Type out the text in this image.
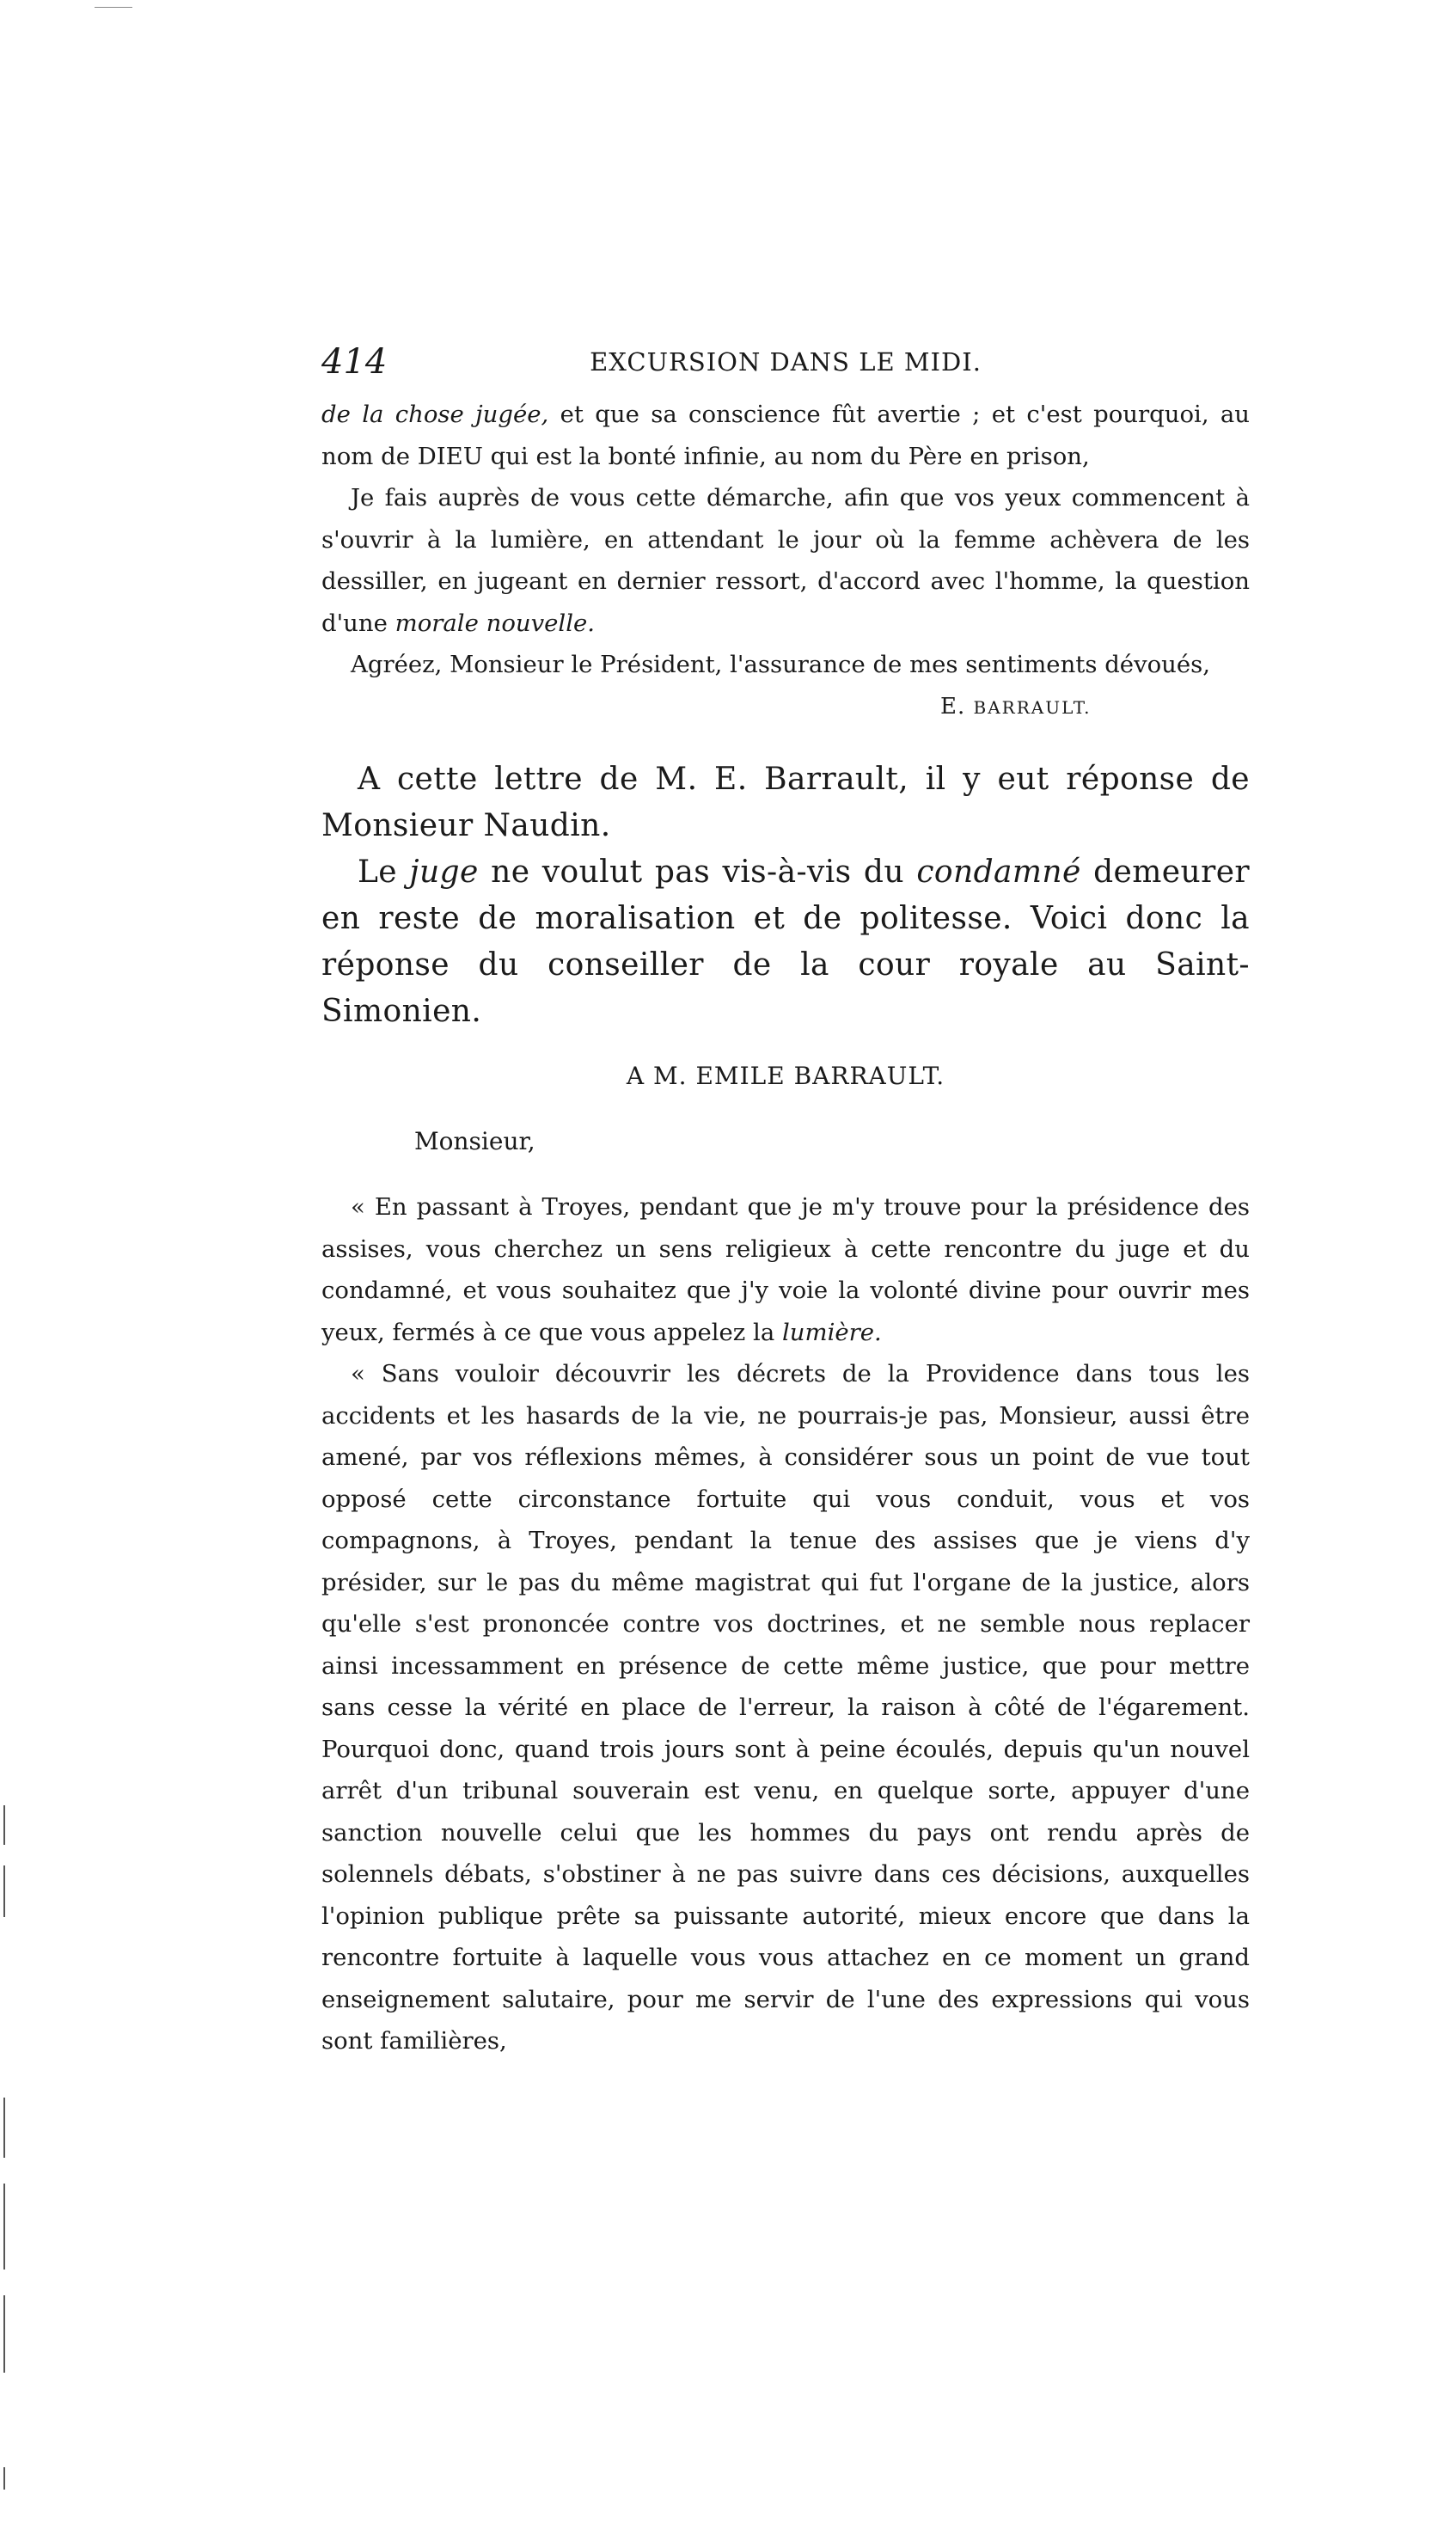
414	EXCURSION DANS LE MIDI.

de la chose jugée, et que sa conscience fût avertie ; et c'est pourquoi, au nom de DIEU qui est la bonté infinie, au nom du Père en prison,

Je fais auprès de vous cette démarche, afin que vos yeux commencent à s'ouvrir à la lumière, en attendant le jour où la femme achèvera de les dessiller, en jugeant en dernier ressort, d'accord avec l'homme, la question d'une morale nouvelle.

Agréez, Monsieur le Président, l'assurance de mes sentiments dévoués,

E. BARRAULT.

A cette lettre de M. E. Barrault, il y eut réponse de Monsieur Naudin.

Le juge ne voulut pas vis-à-vis du condamné demeurer en reste de moralisation et de politesse. Voici donc la réponse du conseiller de la cour royale au Saint-Simonien.

A M. EMILE BARRAULT.

Monsieur,

« En passant à Troyes, pendant que je m'y trouve pour la présidence des assises, vous cherchez un sens religieux à cette rencontre du juge et du condamné, et vous souhaitez que j'y voie la volonté divine pour ouvrir mes yeux, fermés à ce que vous appelez la lumière.

« Sans vouloir découvrir les décrets de la Providence dans tous les accidents et les hasards de la vie, ne pourrais-je pas, Monsieur, aussi être amené, par vos réflexions mêmes, à considérer sous un point de vue tout opposé cette circonstance fortuite qui vous conduit, vous et vos compagnons, à Troyes, pendant la tenue des assises que je viens d'y présider, sur le pas du même magistrat qui fut l'organe de la justice, alors qu'elle s'est prononcée contre vos doctrines, et ne semble nous replacer ainsi incessamment en présence de cette même justice, que pour mettre sans cesse la vérité en place de l'erreur, la raison à côté de l'égarement. Pourquoi donc, quand trois jours sont à peine écoulés, depuis qu'un nouvel arrêt d'un tribunal souverain est venu, en quelque sorte, appuyer d'une sanction nouvelle celui que les hommes du pays ont rendu après de solennels débats, s'obstiner à ne pas suivre dans ces décisions, auxquelles l'opinion publique prête sa puissante autorité, mieux encore que dans la rencontre fortuite à laquelle vous vous attachez en ce moment un grand enseignement salutaire, pour me servir de l'une des expressions qui vous sont familières,
